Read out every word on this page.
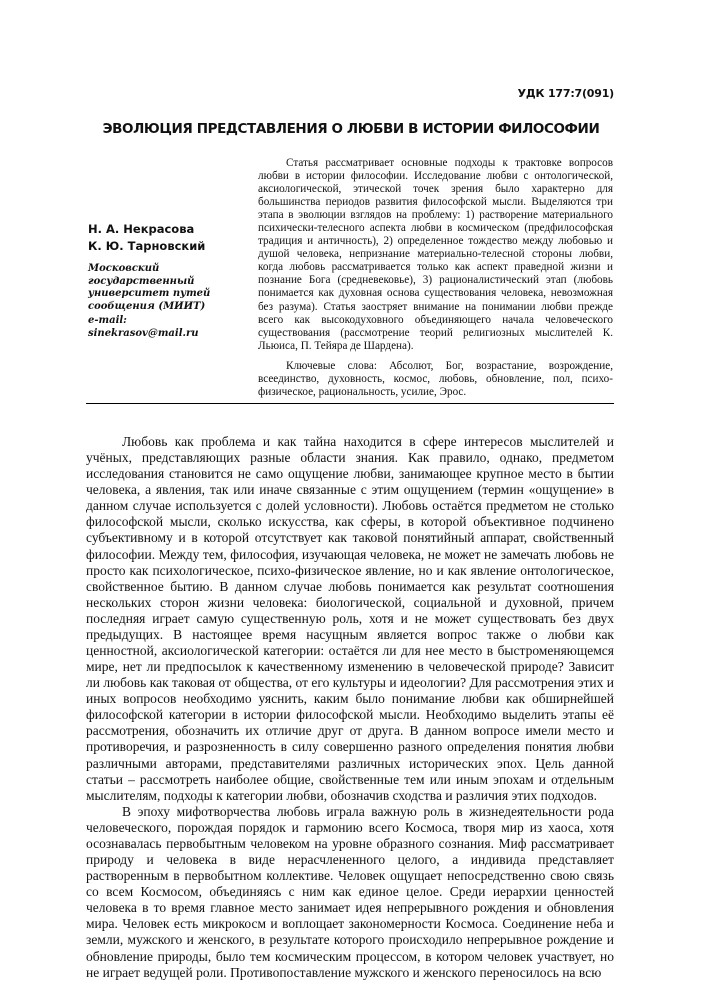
УДК 177:7(091)
ЭВОЛЮЦИЯ ПРЕДСТАВЛЕНИЯ О ЛЮБВИ В ИСТОРИИ ФИЛОСОФИИ
Н. А. Некрасова
К. Ю. Тарновский
Московский государственный университет путей сообщения (МИИТ)
e-mail:
sinekrasov@mail.ru

Статья рассматривает основные подходы к трактовке вопросов любви в истории философии. Исследование любви с онтологической, аксиологической, этической точек зрения было характерно для большинства периодов развития философской мысли. Выделяются три этапа в эволюции взглядов на проблему: 1) растворение материального психически-телесного аспекта любви в космическом (предфилософская традиция и античность), 2) определенное тождество между любовью и душой человека, непризнание материально-телесной стороны любви, когда любовь рассматривается только как аспект праведной жизни и познание Бога (средневековье), 3) рационалистический этап (любовь понимается как духовная основа существования человека, невозможная без разума). Статья заостряет внимание на понимании любви прежде всего как высокодуховного объединяющего начала человеческого существования (рассмотрение теорий религиозных мыслителей К. Льюиса, П. Тейяра де Шардена).

Ключевые слова: Абсолют, Бог, возрастание, возрождение, всеединство, духовность, космос, любовь, обновление, пол, психо-физическое, рациональность, усилие, Эрос.

Любовь как проблема и как тайна находится в сфере интересов мыслителей и учёных, представляющих разные области знания. Как правило, однако, предметом исследования становится не само ощущение любви, занимающее крупное место в бытии человека, а явления, так или иначе связанные с этим ощущением (термин «ощущение» в данном случае используется с долей условности). Любовь остаётся предметом не столько философской мысли, сколько искусства, как сферы, в которой объективное подчинено субъективному и в которой отсутствует как таковой понятийный аппарат, свойственный философии. Между тем, философия, изучающая человека, не может не замечать любовь не просто как психологическое, психо-физическое явление, но и как явление онтологическое, свойственное бытию. В данном случае любовь понимается как результат соотношения нескольких сторон жизни человека: биологической, социальной и духовной, причем последняя играет самую существенную роль, хотя и не может существовать без двух предыдущих. В настоящее время насущным является вопрос также о любви как ценностной, аксиологической категории: остаётся ли для нее место в быстроменяющемся мире, нет ли предпосылок к качественному изменению в человеческой природе? Зависит ли любовь как таковая от общества, от его культуры и идеологии? Для рассмотрения этих и иных вопросов необходимо уяснить, каким было понимание любви как обширнейшей философской категории в истории философской мысли. Необходимо выделить этапы её рассмотрения, обозначить их отличие друг от друга. В данном вопросе имели место и противоречия, и разрозненность в силу совершенно разного определения понятия любви различными авторами, представителями различных исторических эпох. Цель данной статьи – рассмотреть наиболее общие, свойственные тем или иным эпохам и отдельным мыслителям, подходы к категории любви, обозначив сходства и различия этих подходов.

В эпоху мифотворчества любовь играла важную роль в жизнедеятельности рода человеческого, порождая порядок и гармонию всего Космоса, творя мир из хаоса, хотя осознавалась первобытным человеком на уровне образного сознания. Миф рассматривает природу и человека в виде нерасчлененного целого, а индивида представляет растворенным в первобытном коллективе. Человек ощущает непосредственно свою связь со всем Космосом, объединяясь с ним как единое целое. Среди иерархии ценностей человека в то время главное место занимает идея непрерывного рождения и обновления мира. Человек есть микрокосм и воплощает закономерности Космоса. Соединение неба и земли, мужского и женского, в результате которого происходило непрерывное рождение и обновление природы, было тем космическим процессом, в котором человек участвует, но не играет ведущей роли. Противопоставление мужского и женского переносилось на всю
